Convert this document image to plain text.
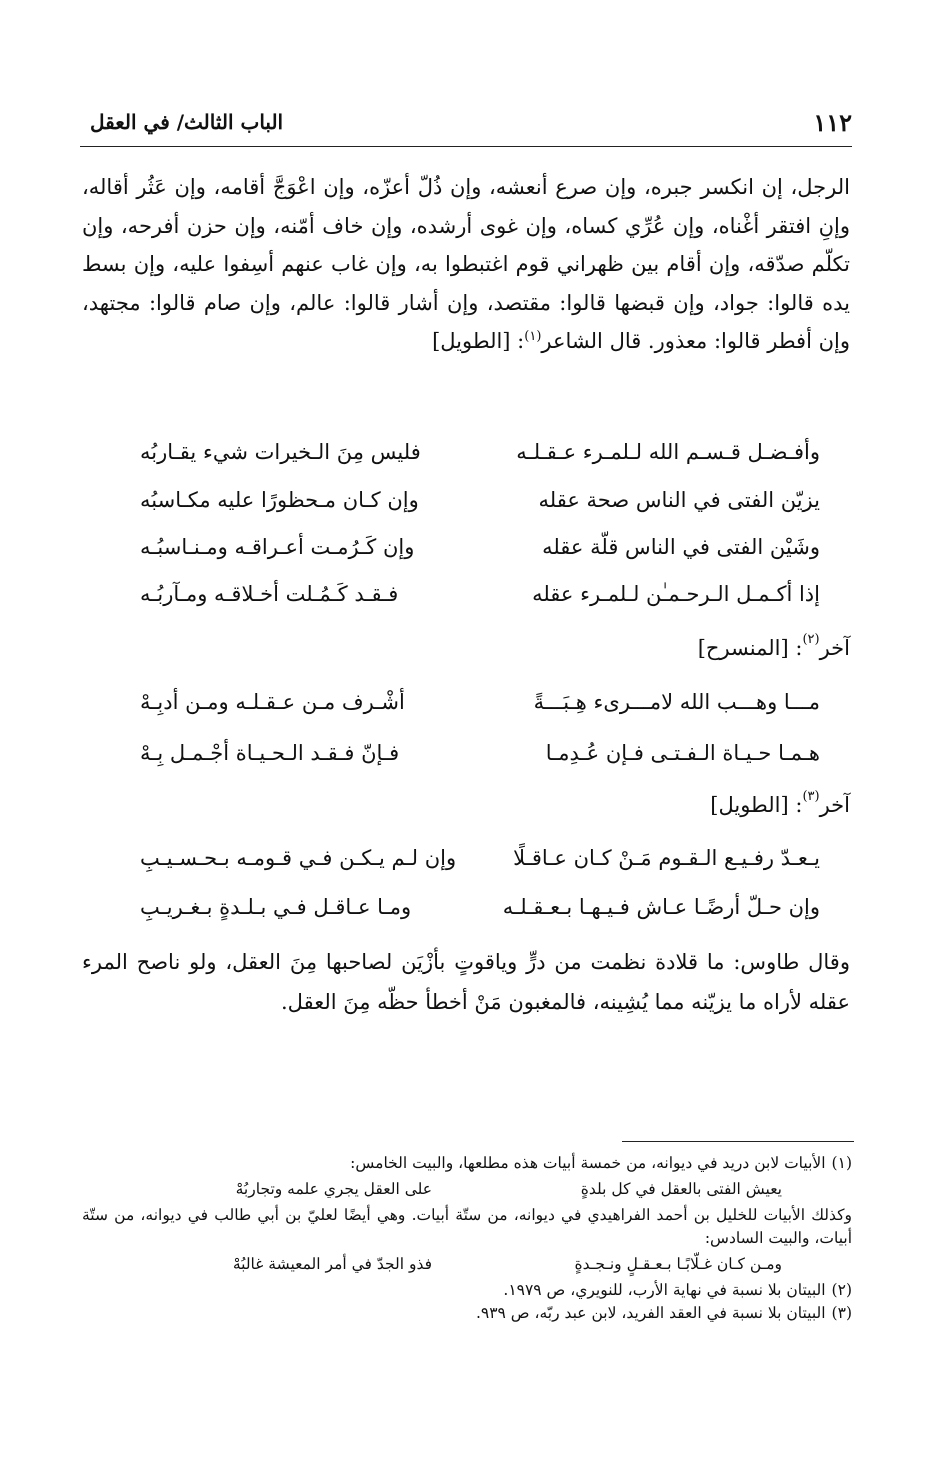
١١٢
الباب الثالث/ في العقل

الرجل، إن انكسر جبره، وإن صرع أنعشه، وإن ذُلّ أعزّه، وإن اعْوَجَّ أقامه، وإن عَثُر أقاله، وإنِ افتقر أغْناه، وإن عُرِّي كساه، وإن غوى أرشده، وإن خاف أمّنه، وإن حزن أفرحه، وإن تكلّم صدّقه، وإن أقام بين ظهراني قوم اغتبطوا به، وإن غاب عنهم أسِفوا عليه، وإن بسط يده قالوا: جواد، وإن قبضها قالوا: مقتصد، وإن أشار قالوا: عالم، وإن صام قالوا: مجتهد، وإن أفطر قالوا: معذور. قال الشاعر$^{(١)}$: [الطويل]

وأفـضـل قـسـم الله لـلمـرء عـقـلـه
فليس مِنَ الـخيرات شيء يقـاربُه
يزيّن الفتى في الناس صحة عقله
وإن كـان مـحظورًا عليه مكـاسبُه
وشَيْن الفتى في الناس قلّة عقله
وإن كَـرُمـت أعـراقـه ومـنـاسبُـه
إذا أكـمـل الـرحـمـٰن لـلمـرء عقله
فـقـد كَـمُـلت أخـلاقـه ومـآربُـه
آخر$^{(٢)}$: [المنسرح]
مـــا وهـــب الله لامـــرىء هِـبَـــةً
أشْـرف مـن عـقـلـه ومـن أدبِـهْ
هـمـا حـيـاة الـفـتـى فـإن عُـدِمـا
فـإنّ فـقـد الـحـيـاة أجْـمـل بِـهْ
آخر$^{(٣)}$: [الطويل]
يـعـدّ رفـيـع الـقـوم مَـنْ كـان عـاقـلًا
وإن لـم يـكـن فـي قـومـه بـحـسـيـبِ
وإن حـلّ أرضًـا عـاش فـيـهـا بـعـقـلـه
ومـا عـاقـل فـي بـلـدةٍ بـغـريـبِ

وقال طاوس: ما قلادة نظمت من درٍّ وياقوتٍ بأزْيَن لصاحبها مِنَ العقل، ولو ناصح المرء عقله لأراه ما يزيّنه مما يُشِينه، فالمغبون مَنْ أخطأ حظّه مِنَ العقل.

(١)الأبيات لابن دريد في ديوانه، من خمسة أبيات هذه مطلعها، والبيت الخامس:

يعيش الفتى بالعقل في كل بلدةٍ
على العقل يجري علمه وتجاربُهْ

وكذلك الأبيات للخليل بن أحمد الفراهيدي في ديوانه، من ستّة أبيات. وهي أيضًا لعليّ بن أبي طالب في ديوانه، من ستّة أبيات، والبيت السادس:

ومـن كـان غـلّابًـا بـعـقـلٍ ونـجـدةٍ
فذو الجدّ في أمر المعيشة غالبُهْ

(٢)البيتان بلا نسبة في نهاية الأرب، للنويري، ص ١٩٧٩.

(٣)البيتان بلا نسبة في العقد الفريد، لابن عبد ربّه، ص ٩٣٩.
